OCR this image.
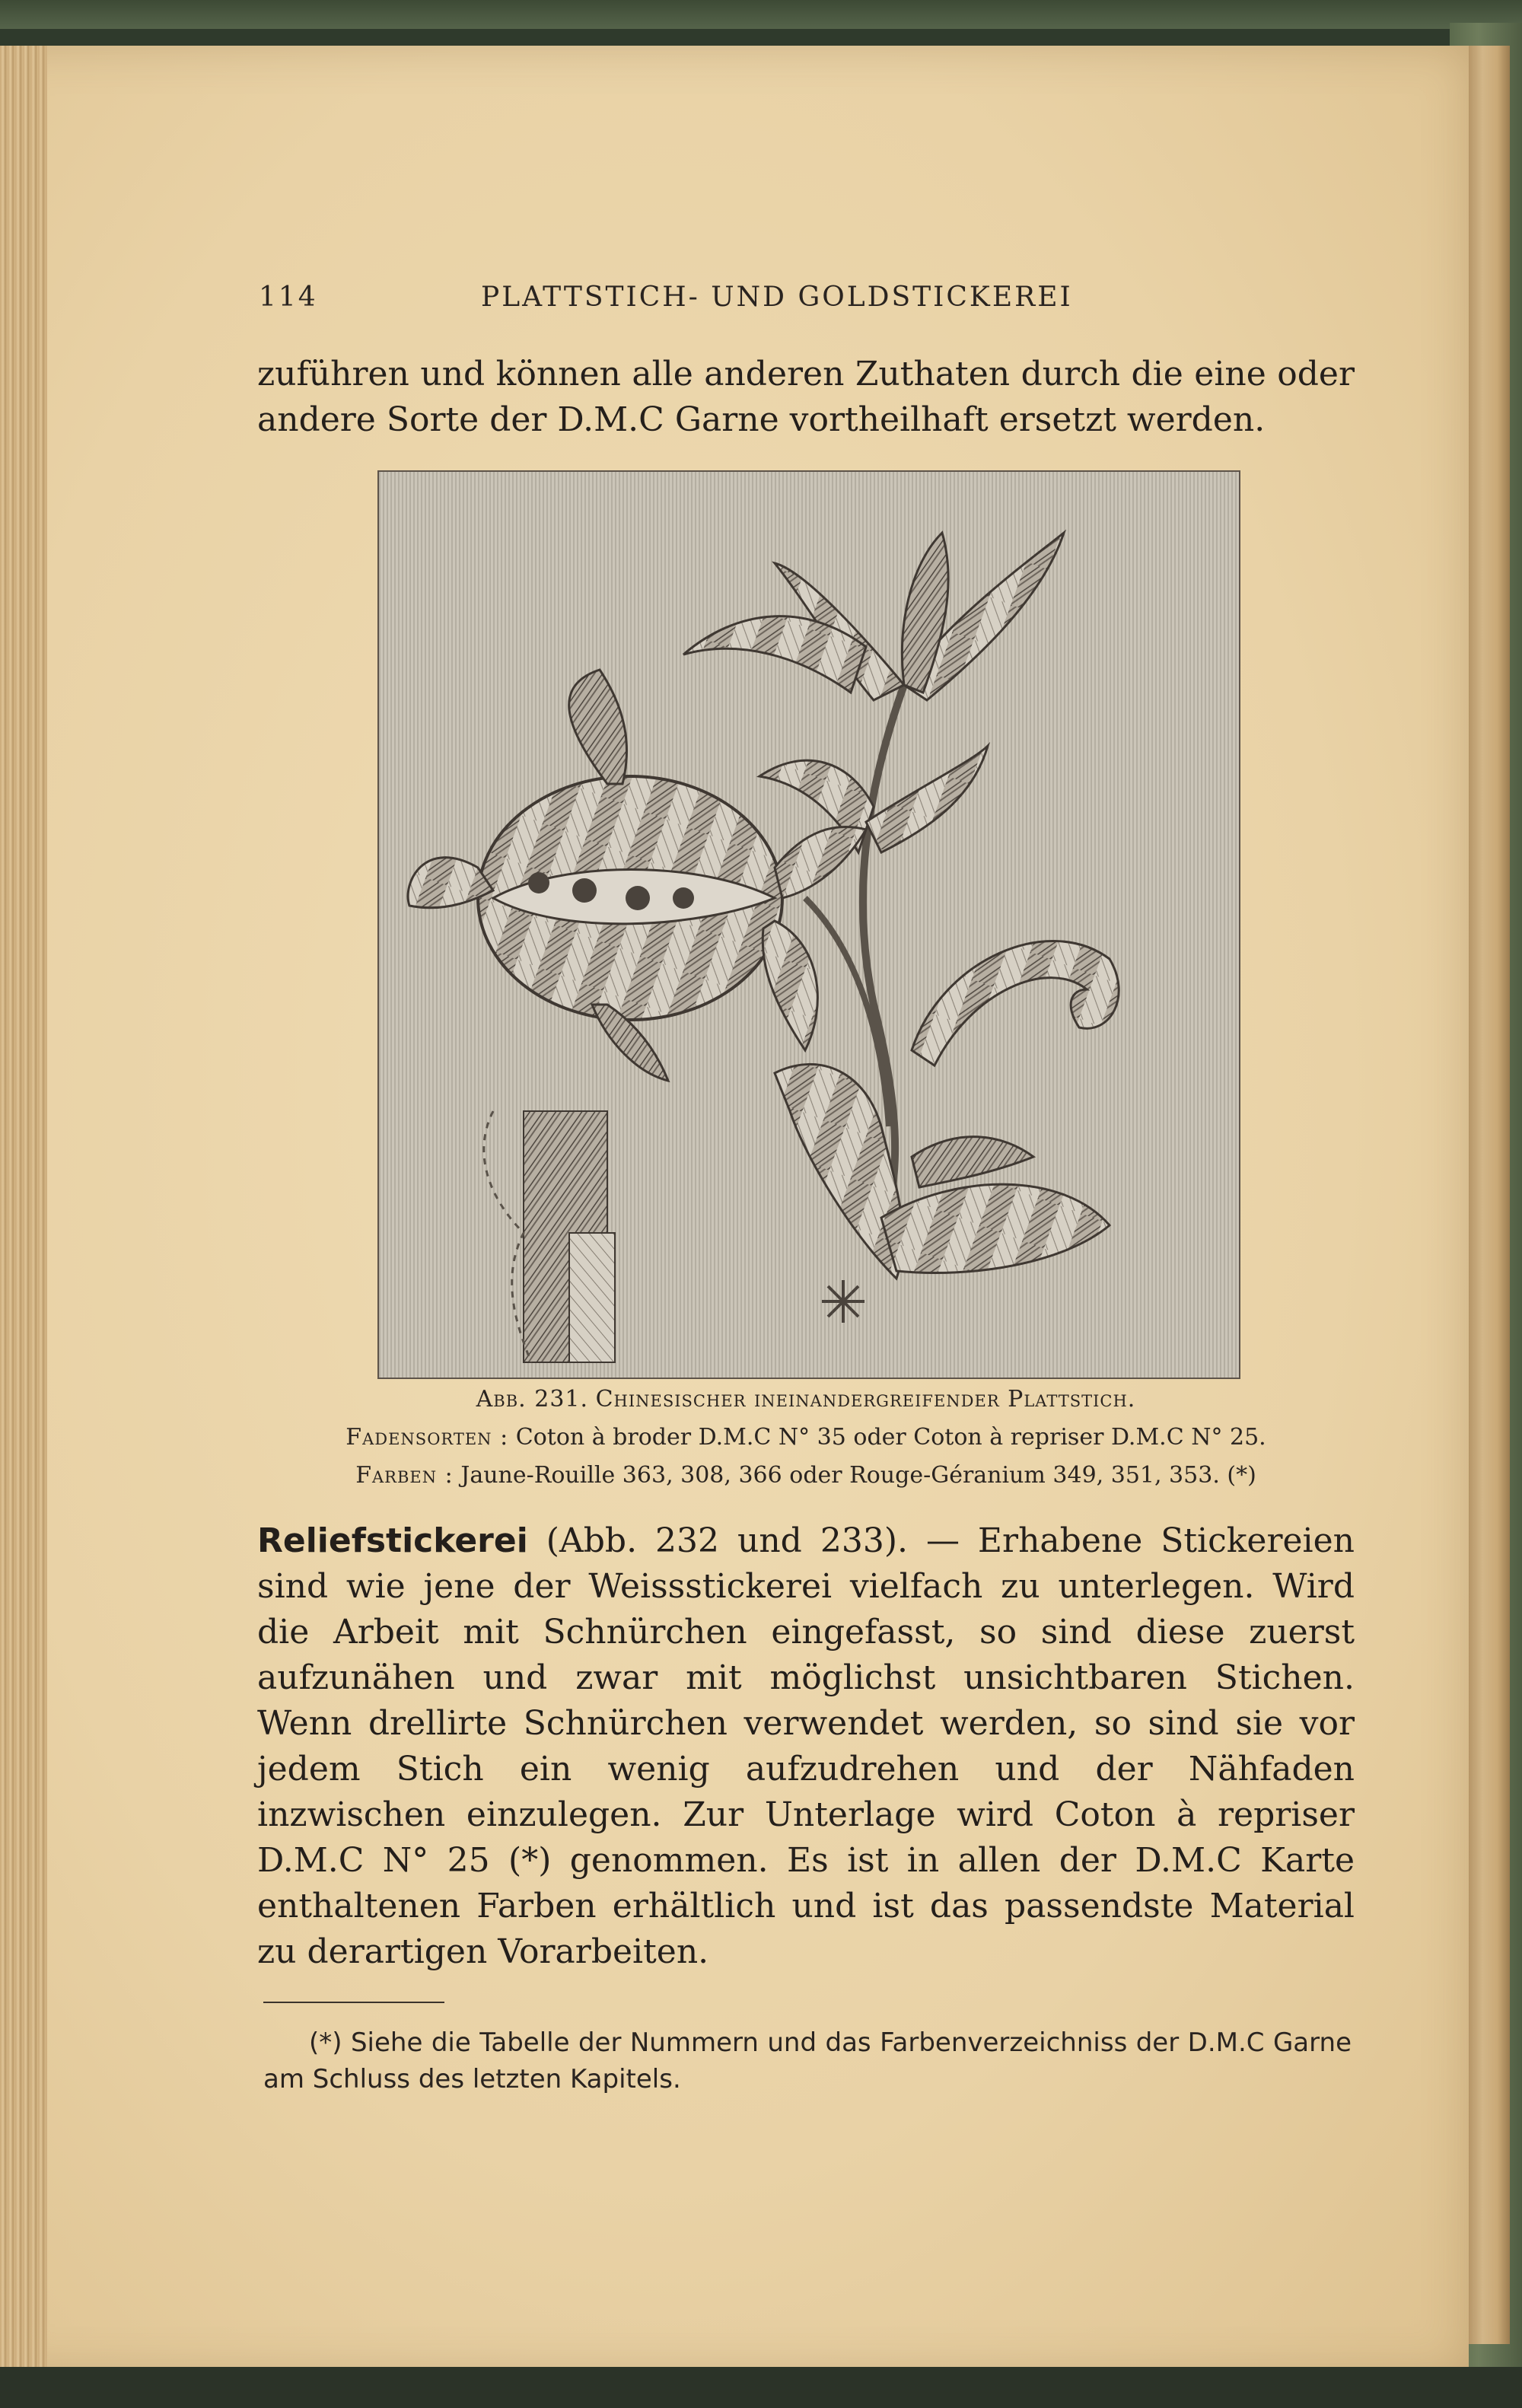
114	PLATTSTICH- UND GOLDSTICKEREI

zuführen und können alle anderen Zuthaten durch die eine oder andere Sorte der D.M.C Garne vortheilhaft ersetzt werden.

Abb. 231. Chinesischer ineinandergreifender Plattstich.

Fadensorten : Coton à broder D.M.C N° 35 oder Coton à repriser D.M.C N° 25.

Farben : Jaune-Rouille 363, 308, 366 oder Rouge-Géranium 349, 351, 353. (*)

Reliefstickerei (Abb. 232 und 233). — Erhabene Stickereien sind wie jene der Weissstickerei vielfach zu unterlegen. Wird die Arbeit mit Schnürchen eingefasst, so sind diese zuerst aufzunähen und zwar mit möglichst unsichtbaren Stichen. Wenn drellirte Schnürchen verwendet werden, so sind sie vor jedem Stich ein wenig aufzudrehen und der Nähfaden inzwischen einzulegen. Zur Unterlage wird Coton à repriser D.M.C N° 25 (*) genommen. Es ist in allen der D.M.C Karte enthaltenen Farben erhältlich und ist das passendste Material zu derartigen Vorarbeiten.

(*) Siehe die Tabelle der Nummern und das Farbenverzeichniss der D.M.C Garne am Schluss des letzten Kapitels.
